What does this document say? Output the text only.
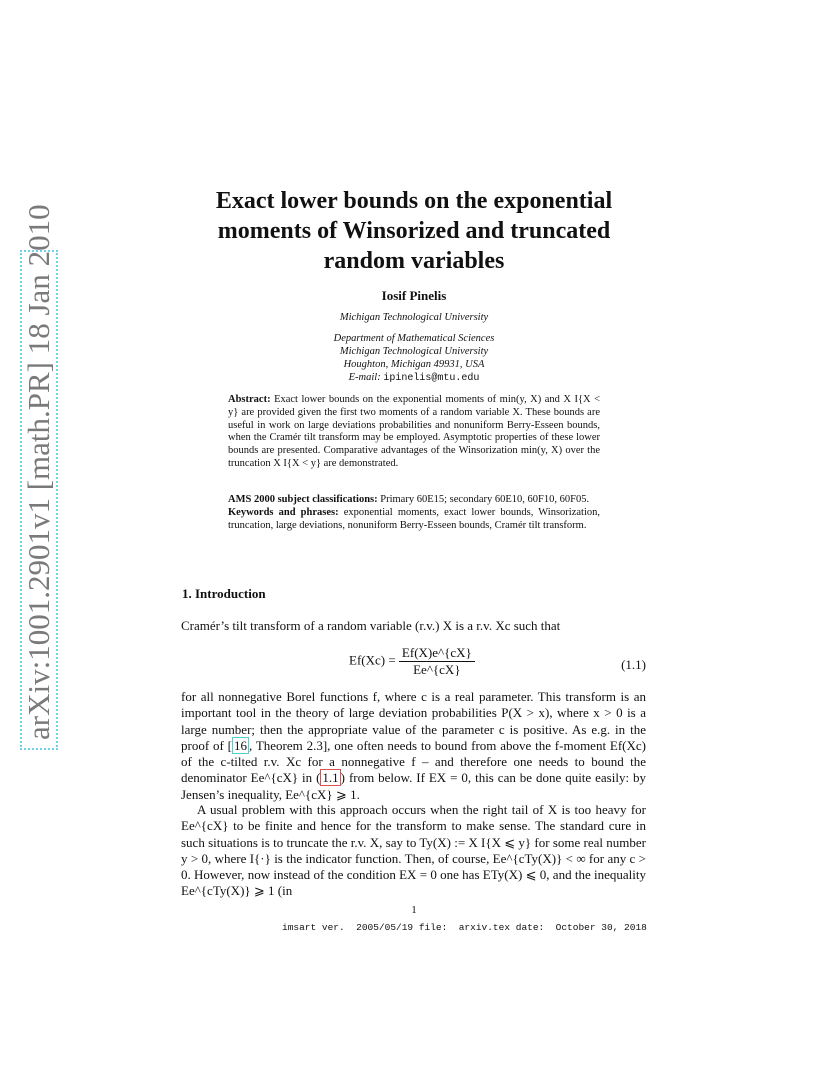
arXiv:1001.2901v1 [math.PR] 18 Jan 2010
Exact lower bounds on the exponential
moments of Winsorized and truncated
random variables
Iosif Pinelis
Michigan Technological University
Department of Mathematical Sciences
Michigan Technological University
Houghton, Michigan 49931, USA
E-mail: ipinelis@mtu.edu
Abstract: Exact lower bounds on the exponential moments of min(y, X) and X I{X < y} are provided given the first two moments of a random variable X. These bounds are useful in work on large deviations probabilities and nonuniform Berry-Esseen bounds, when the Cramér tilt transform may be employed. Asymptotic properties of these lower bounds are presented. Comparative advantages of the Winsorization min(y, X) over the truncation X I{X < y} are demonstrated.
AMS 2000 subject classifications: Primary 60E15; secondary 60E10, 60F10, 60F05.
Keywords and phrases: exponential moments, exact lower bounds, Winsorization, truncation, large deviations, nonuniform Berry-Esseen bounds, Cramér tilt transform.
1. Introduction
Cramér’s tilt transform of a random variable (r.v.) X is a r.v. Xc such that
$Ef(Xc) = \frac{Ef(X)e\^{}\{cX\}}{Ee\^{}\{cX\}}$	(1.1)
for all nonnegative Borel functions f, where c is a real parameter. This transform is an important tool in the theory of large deviation probabilities P(X > x), where x > 0 is a large number; then the appropriate value of the parameter c is positive. As e.g. in the proof of [ 16 , Theorem 2.3], one often needs to bound from above the f-moment Ef(Xc) of the c-tilted r.v. Xc for a nonnegative f – and therefore one needs to bound the denominator Ee^{cX} in ( 1.1 ) from below. If EX = 0, this can be done quite easily: by Jensen’s inequality, Ee^{cX} ⩾ 1.
A usual problem with this approach occurs when the right tail of X is too heavy for Ee^{cX} to be finite and hence for the transform to make sense. The standard cure in such situations is to truncate the r.v. X, say to Ty(X) := X I{X ⩽ y} for some real number y > 0, where I{·} is the indicator function. Then, of course, Ee^{cTy(X)} < ∞ for any c > 0. However, now instead of the condition EX = 0 one has ETy(X) ⩽ 0, and the inequality Ee^{cTy(X)} ⩾ 1 (in
1
imsart ver.  2005/05/19 file:  arxiv.tex date:  October 30, 2018
